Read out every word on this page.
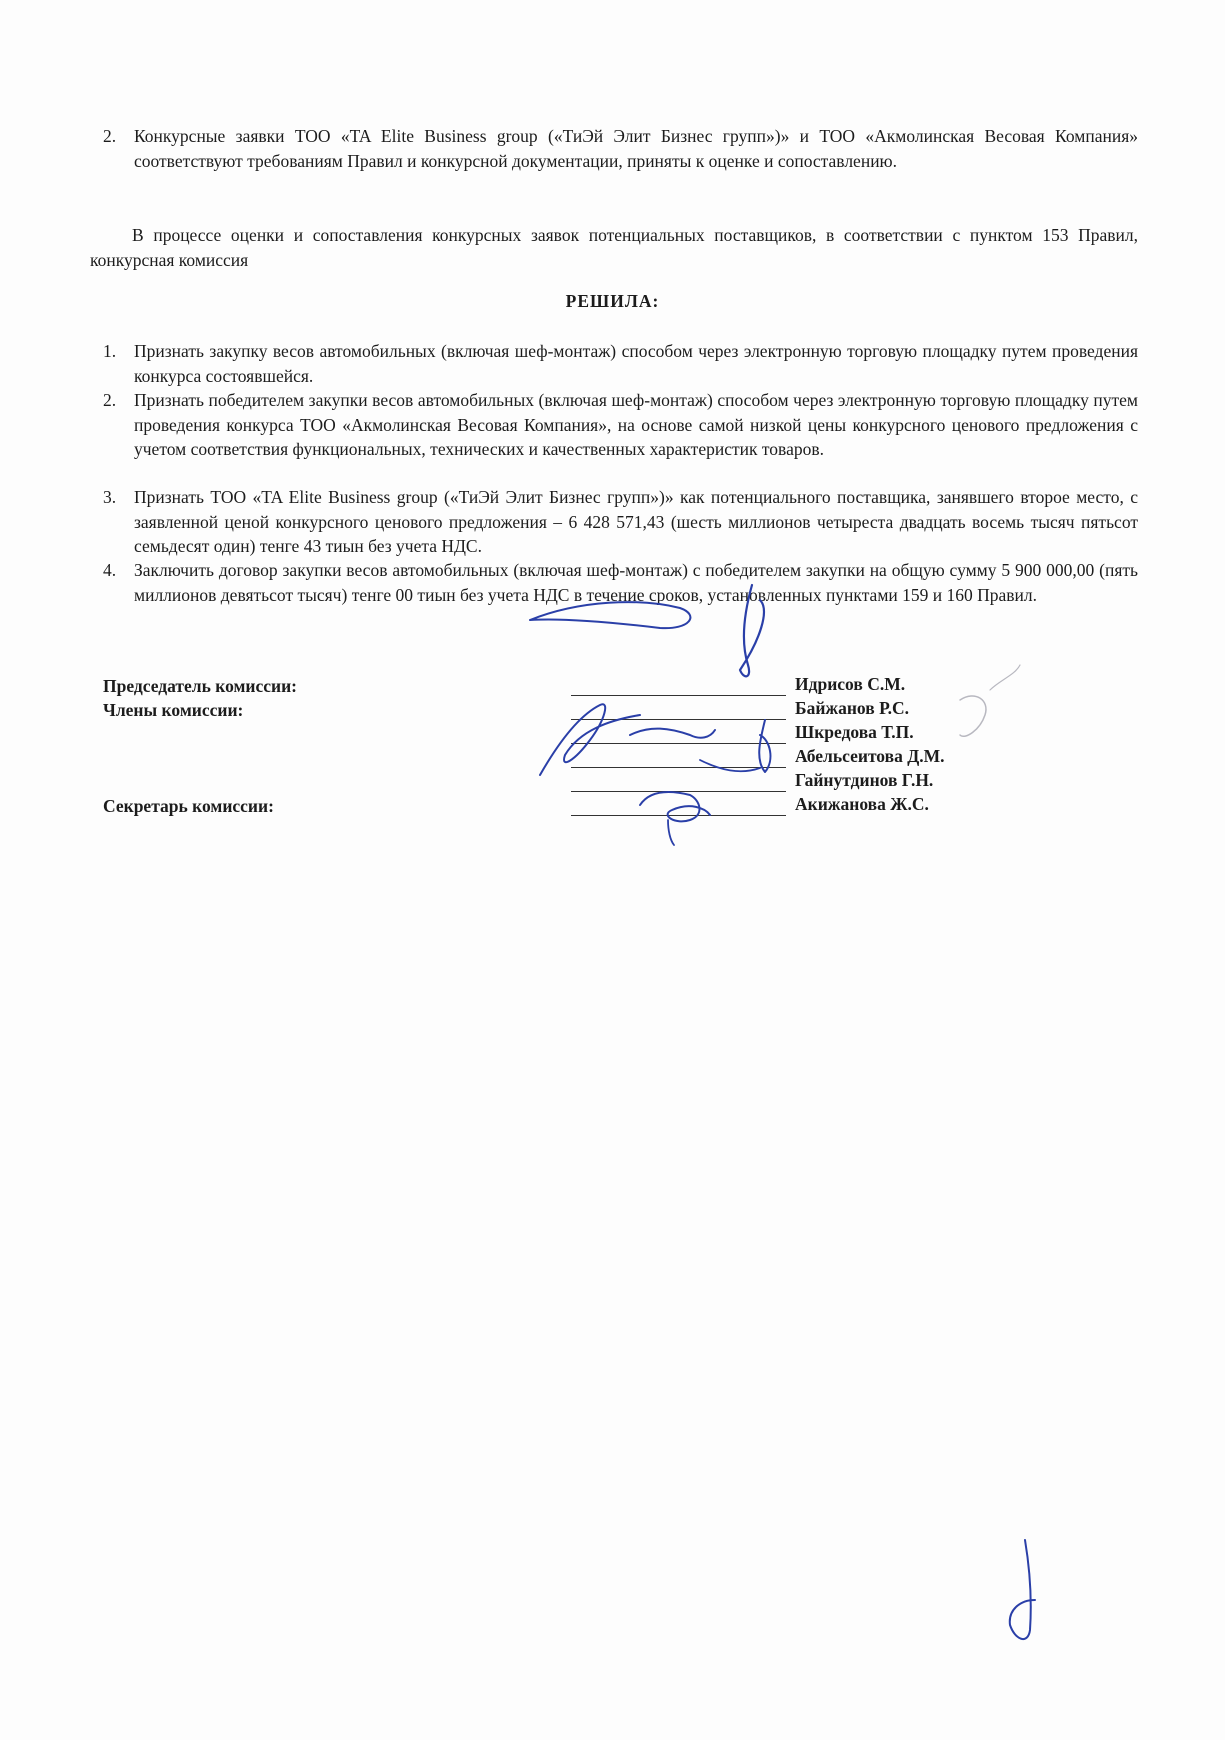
2. Конкурсные заявки ТОО «TA Elite Business group («ТиЭй Элит Бизнес групп»)» и ТОО «Акмолинская Весовая Компания» соответствуют требованиям Правил и конкурсной документации, приняты к оценке и сопоставлению.
В процессе оценки и сопоставления конкурсных заявок потенциальных поставщиков, в соответствии с пунктом 153 Правил, конкурсная комиссия
РЕШИЛА:
1. Признать закупку весов автомобильных (включая шеф-монтаж) способом через электронную торговую площадку путем проведения конкурса состоявшейся.
2. Признать победителем закупки весов автомобильных (включая шеф-монтаж) способом через электронную торговую площадку путем проведения конкурса ТОО «Акмолинская Весовая Компания», на основе самой низкой цены конкурсного ценового предложения с учетом соответствия функциональных, технических и качественных характеристик товаров.
3. Признать ТОО «TA Elite Business group («ТиЭй Элит Бизнес групп»)» как потенциального поставщика, занявшего второе место, с заявленной ценой конкурсного ценового предложения – 6 428 571,43 (шесть миллионов четыреста двадцать восемь тысяч пятьсот семьдесят один) тенге 43 тиын без учета НДС.
4. Заключить договор закупки весов автомобильных (включая шеф-монтаж) с победителем закупки на общую сумму 5 900 000,00 (пять миллионов девятьсот тысяч) тенге 00 тиын без учета НДС в течение сроков, установленных пунктами 159 и 160 Правил.
Председатель комиссии:
Члены комиссии:
Секретарь комиссии:
Идрисов С.М.
Байжанов Р.С.
Шкредова Т.П.
Абельсеитова Д.М.
Гайнутдинов Г.Н.
Акижанова Ж.С.
